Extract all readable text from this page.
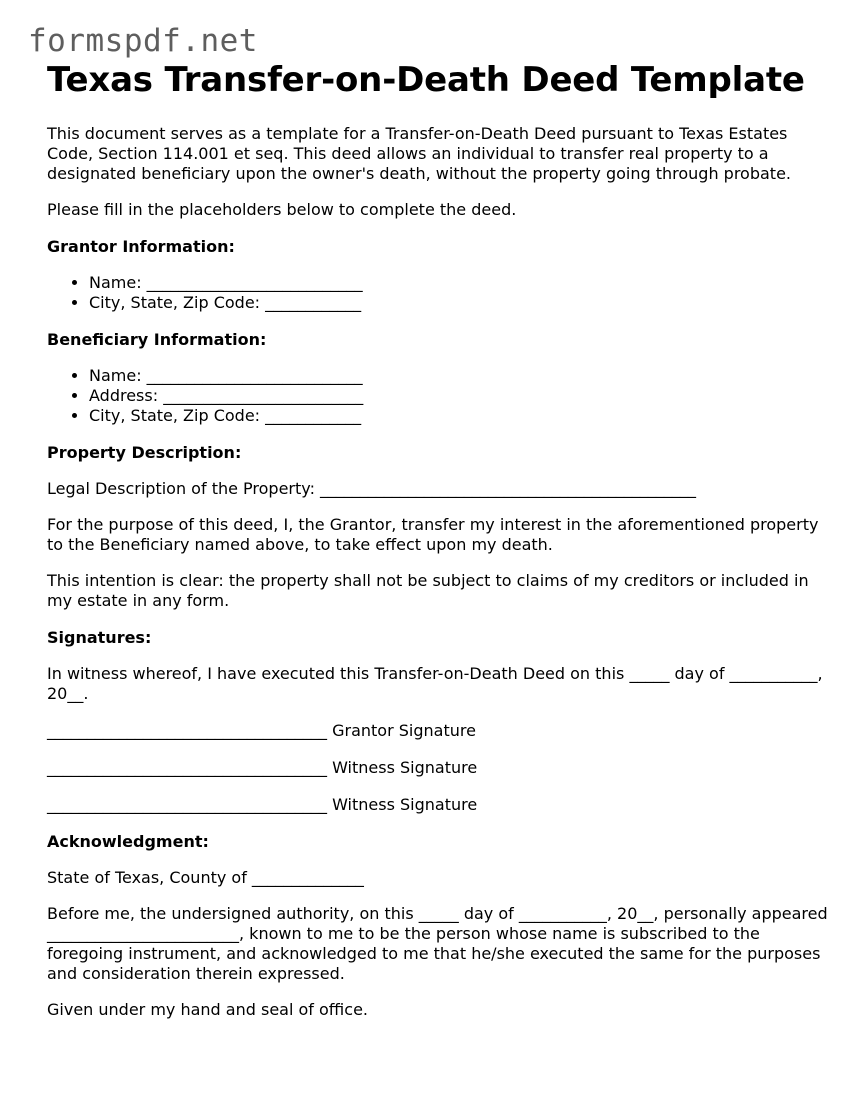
formspdf.net
Texas Transfer-on-Death Deed Template

This document serves as a template for a Transfer-on-Death Deed pursuant to Texas Estates Code, Section 114.001 et seq. This deed allows an individual to transfer real property to a designated beneficiary upon the owner's death, without the property going through probate.

Please fill in the placeholders below to complete the deed.

Grantor Information:
• Name: ___________________________
• City, State, Zip Code: ____________
Beneficiary Information:
• Name: ___________________________
• Address: _________________________
• City, State, Zip Code: ____________
Property Description:

Legal Description of the Property: _______________________________________________

For the purpose of this deed, I, the Grantor, transfer my interest in the aforementioned property to the Beneficiary named above, to take effect upon my death.

This intention is clear: the property shall not be subject to claims of my creditors or included in my estate in any form.

Signatures:

In witness whereof, I have executed this Transfer-on-Death Deed on this _____ day of ___________, 20__.

___________________________________ Grantor Signature

___________________________________ Witness Signature

___________________________________ Witness Signature

Acknowledgment:

State of Texas, County of ______________

Before me, the undersigned authority, on this _____ day of ___________, 20__, personally appeared ________________________, known to me to be the person whose name is subscribed to the foregoing instrument, and acknowledged to me that he/she executed the same for the purposes and consideration therein expressed.

Given under my hand and seal of office.
